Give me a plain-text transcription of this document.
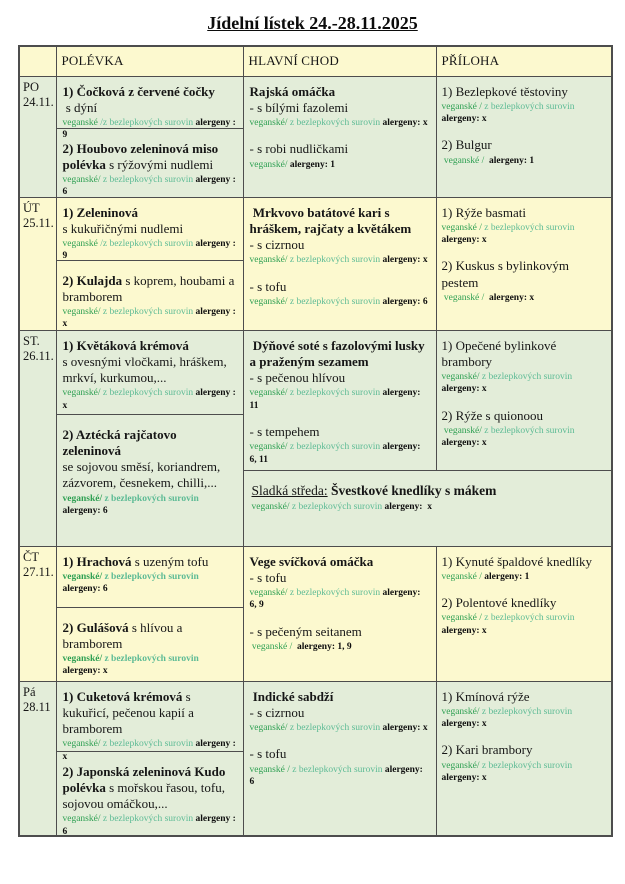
Jídelní lístek 24.-28.11.2025
	POLÉVKA	HLAVNÍ CHOD	PŘÍLOHA

PO
24.11.

1) Čočková z červené čočky
s dýní
veganské /z bezlepkových surovin alergeny : 9
2) Houbovo zeleninová miso polévka s rýžovými nudlemi
veganské/ z bezlepkových surovin alergeny : 6

Rajská omáčka
- s bílými fazolemi
veganské/ z bezlepkových surovin alergeny: x
- s robi nudličkami
veganské/ alergeny: 1

1) Bezlepkové těstoviny
veganské / z bezlepkových surovin alergeny: x
2) Bulgur
veganské /  alergeny: 1

ÚT
25.11.

1) Zeleninová
s kukuřičnými nudlemi
veganské /z bezlepkových surovin alergeny : 9
2) Kulajda s koprem, houbami a bramborem
veganské/ z bezlepkových surovin alergeny : x

Mrkvovo batátové kari s hráškem, rajčaty a květákem
- s cizrnou
veganské/ z bezlepkových surovin alergeny: x
- s tofu
veganské/ z bezlepkových surovin alergeny: 6

1) Rýže basmati
veganské / z bezlepkových surovin alergeny: x
2) Kuskus s bylinkovým pestem
veganské /  alergeny: x

ST.
26.11.

1) Květáková krémová
s ovesnými vločkami, hráškem, mrkví, kurkumou,...
veganské/ z bezlepkových surovin alergeny : x
2) Aztécká rajčatovo zeleninová
se sojovou směsí, koriandrem, zázvorem, česnekem, chilli,...
veganské/ z bezlepkových surovin alergeny: 6

Dýňové soté s fazolovými lusky a praženým sezamem
- s pečenou hlívou
veganské/ z bezlepkových surovin alergeny: 11
- s tempehem
veganské/ z bezlepkových surovin alergeny: 6, 11

1) Opečené bylinkové brambory
veganské/ z bezlepkových surovin alergeny: x
2) Rýže s quionoou
veganské/ z bezlepkových surovin alergeny: x

		Sladká středa: Švestkové knedlíky s mákem
veganské/ z bezlepkových surovin alergeny:  x	

ČT
27.11.

1) Hrachová s uzeným tofu
veganské/ z bezlepkových surovin alergeny: 6
2) Gulášová s hlívou a bramborem
veganské/ z bezlepkových surovin alergeny: x

Vege svíčková omáčka
- s tofu
veganské/ z bezlepkových surovin alergeny: 6, 9
- s pečeným seitanem
veganské /  alergeny: 1, 9

1) Kynuté špaldové knedlíky
veganské / alergeny: 1
2) Polentové knedlíky
veganské / z bezlepkových surovin alergeny: x

Pá
28.11

1) Cuketová krémová s kukuřicí, pečenou kapií a bramborem
veganské/ z bezlepkových surovin alergeny : x
2) Japonská zeleninová Kudo polévka s mořskou řasou, tofu, sojovou omáčkou,...
veganské/ z bezlepkových surovin alergeny : 6

Indické sabdží
- s cizrnou
veganské/ z bezlepkových surovin alergeny: x
- s tofu
veganské / z bezlepkových surovin alergeny: 6

1) Kmínová rýže
veganské/ z bezlepkových surovin alergeny: x
2) Kari brambory
veganské/ z bezlepkových surovin alergeny: x
